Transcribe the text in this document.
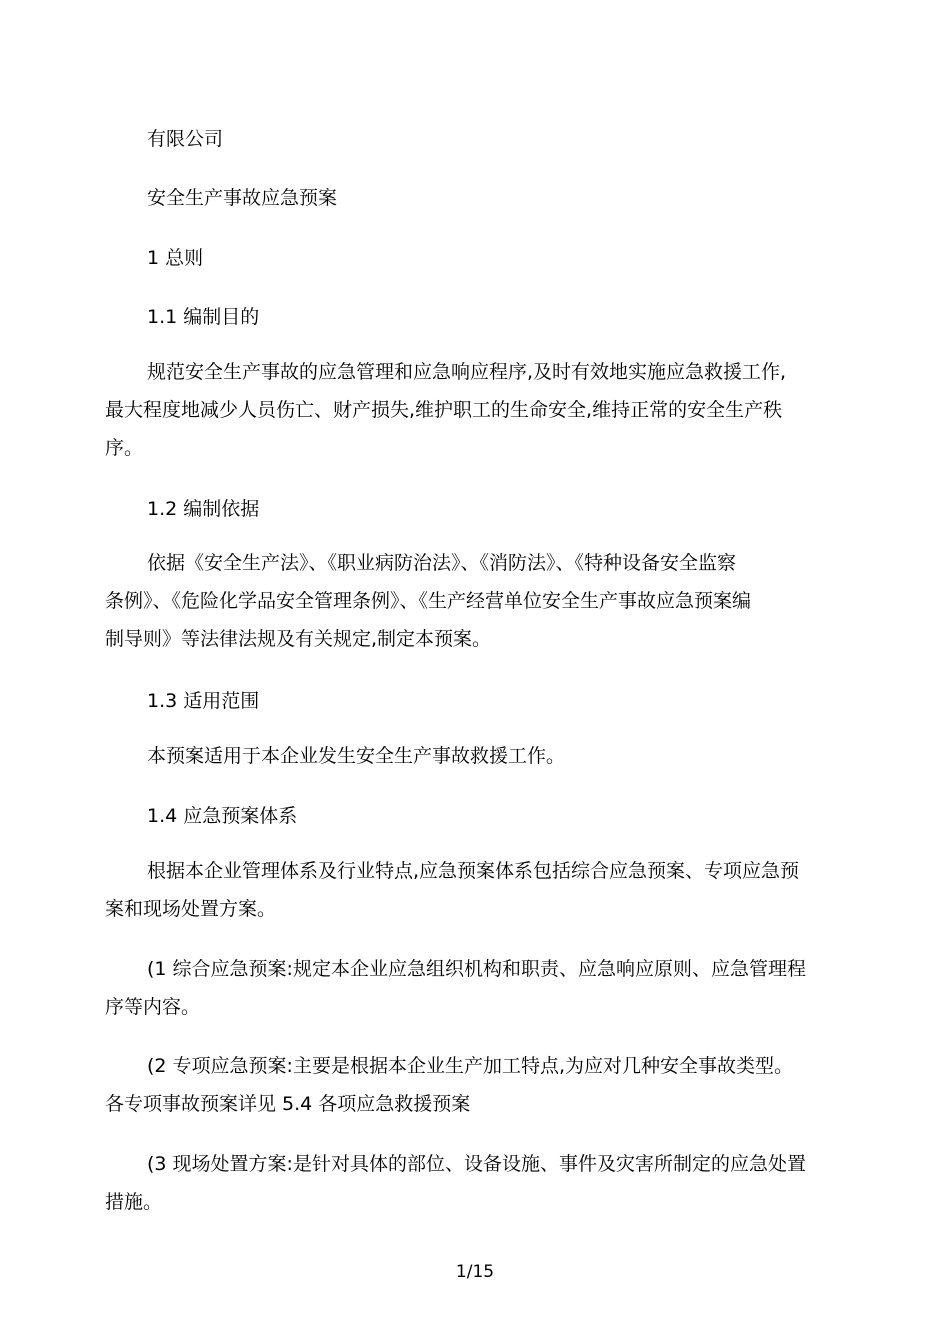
有限公司
安全生产事故应急预案
1 总则
1.1 编制目的
规范安全生产事故的应急管理和应急响应程序,及时有效地实施应急救援工作,
最大程度地减少人员伤亡、财产损失,维护职工的生命安全,维持正常的安全生产秩
序。
1.2 编制依据
依据《安全生产法》、《职业病防治法》、《消防法》、《特种设备安全监察
条例》、《危险化学品安全管理条例》、《生产经营单位安全生产事故应急预案编
制导则》等法律法规及有关规定,制定本预案。
1.3 适用范围
本预案适用于本企业发生安全生产事故救援工作。
1.4 应急预案体系
根据本企业管理体系及行业特点,应急预案体系包括综合应急预案、专项应急预
案和现场处置方案。
(1 综合应急预案:规定本企业应急组织机构和职责、应急响应原则、应急管理程
序等内容。
(2 专项应急预案:主要是根据本企业生产加工特点,为应对几种安全事故类型。
各专项事故预案详见 5.4 各项应急救援预案
(3 现场处置方案:是针对具体的部位、设备设施、事件及灾害所制定的应急处置
措施。
1/15
